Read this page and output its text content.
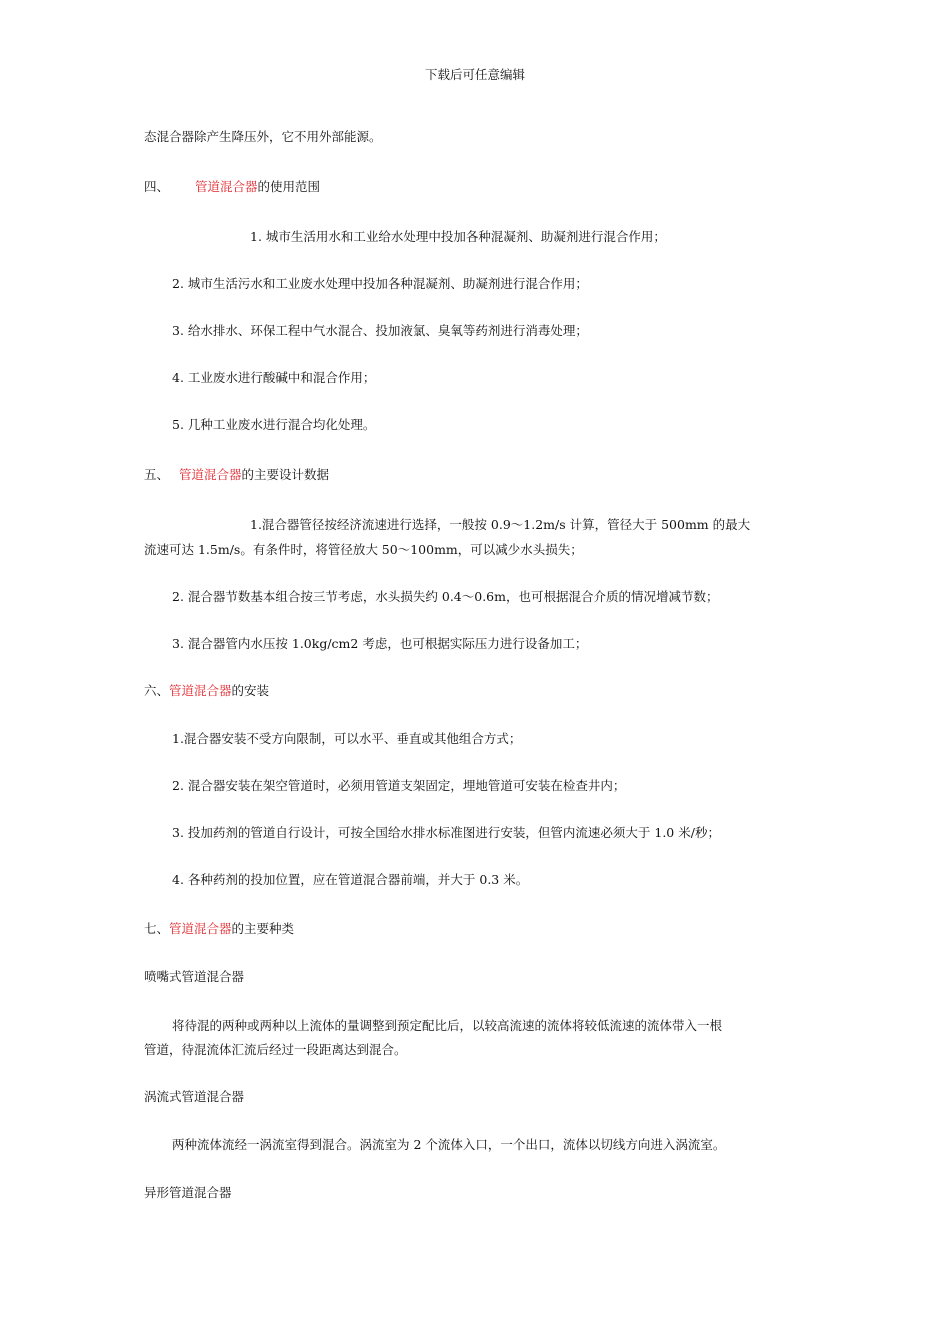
下载后可任意编辑
态混合器除产生降压外，它不用外部能源。
四、 管道混合器的使用范围
1. 城市生活用水和工业给水处理中投加各种混凝剂、助凝剂进行混合作用；
2. 城市生活污水和工业废水处理中投加各种混凝剂、助凝剂进行混合作用；
3. 给水排水、环保工程中气水混合、投加液氯、臭氧等药剂进行消毒处理；
4. 工业废水进行酸碱中和混合作用；
5. 几种工业废水进行混合均化处理。
五、 管道混合器的主要设计数据
1.混合器管径按经济流速进行选择，一般按 0.9～1.2m/s 计算，管径大于 500mm 的最大
流速可达 1.5m/s。有条件时，将管径放大 50～100mm，可以减少水头损失；
2. 混合器节数基本组合按三节考虑，水头损失约 0.4～0.6m，也可根据混合介质的情况增减节数；
3. 混合器管内水压按 1.0kg/cm2 考虑，也可根据实际压力进行设备加工；
六、管道混合器的安装
1.混合器安装不受方向限制，可以水平、垂直或其他组合方式；
2. 混合器安装在架空管道时，必须用管道支架固定，埋地管道可安装在检查井内；
3. 投加药剂的管道自行设计，可按全国给水排水标准图进行安装，但管内流速必须大于 1.0 米/秒；
4. 各种药剂的投加位置，应在管道混合器前端，并大于 0.3 米。
七、管道混合器的主要种类
喷嘴式管道混合器
将待混的两种或两种以上流体的量调整到预定配比后，以较高流速的流体将较低流速的流体带入一根
管道，待混流体汇流后经过一段距离达到混合。
涡流式管道混合器
两种流体流经一涡流室得到混合。涡流室为 2 个流体入口，一个出口，流体以切线方向进入涡流室。
异形管道混合器
